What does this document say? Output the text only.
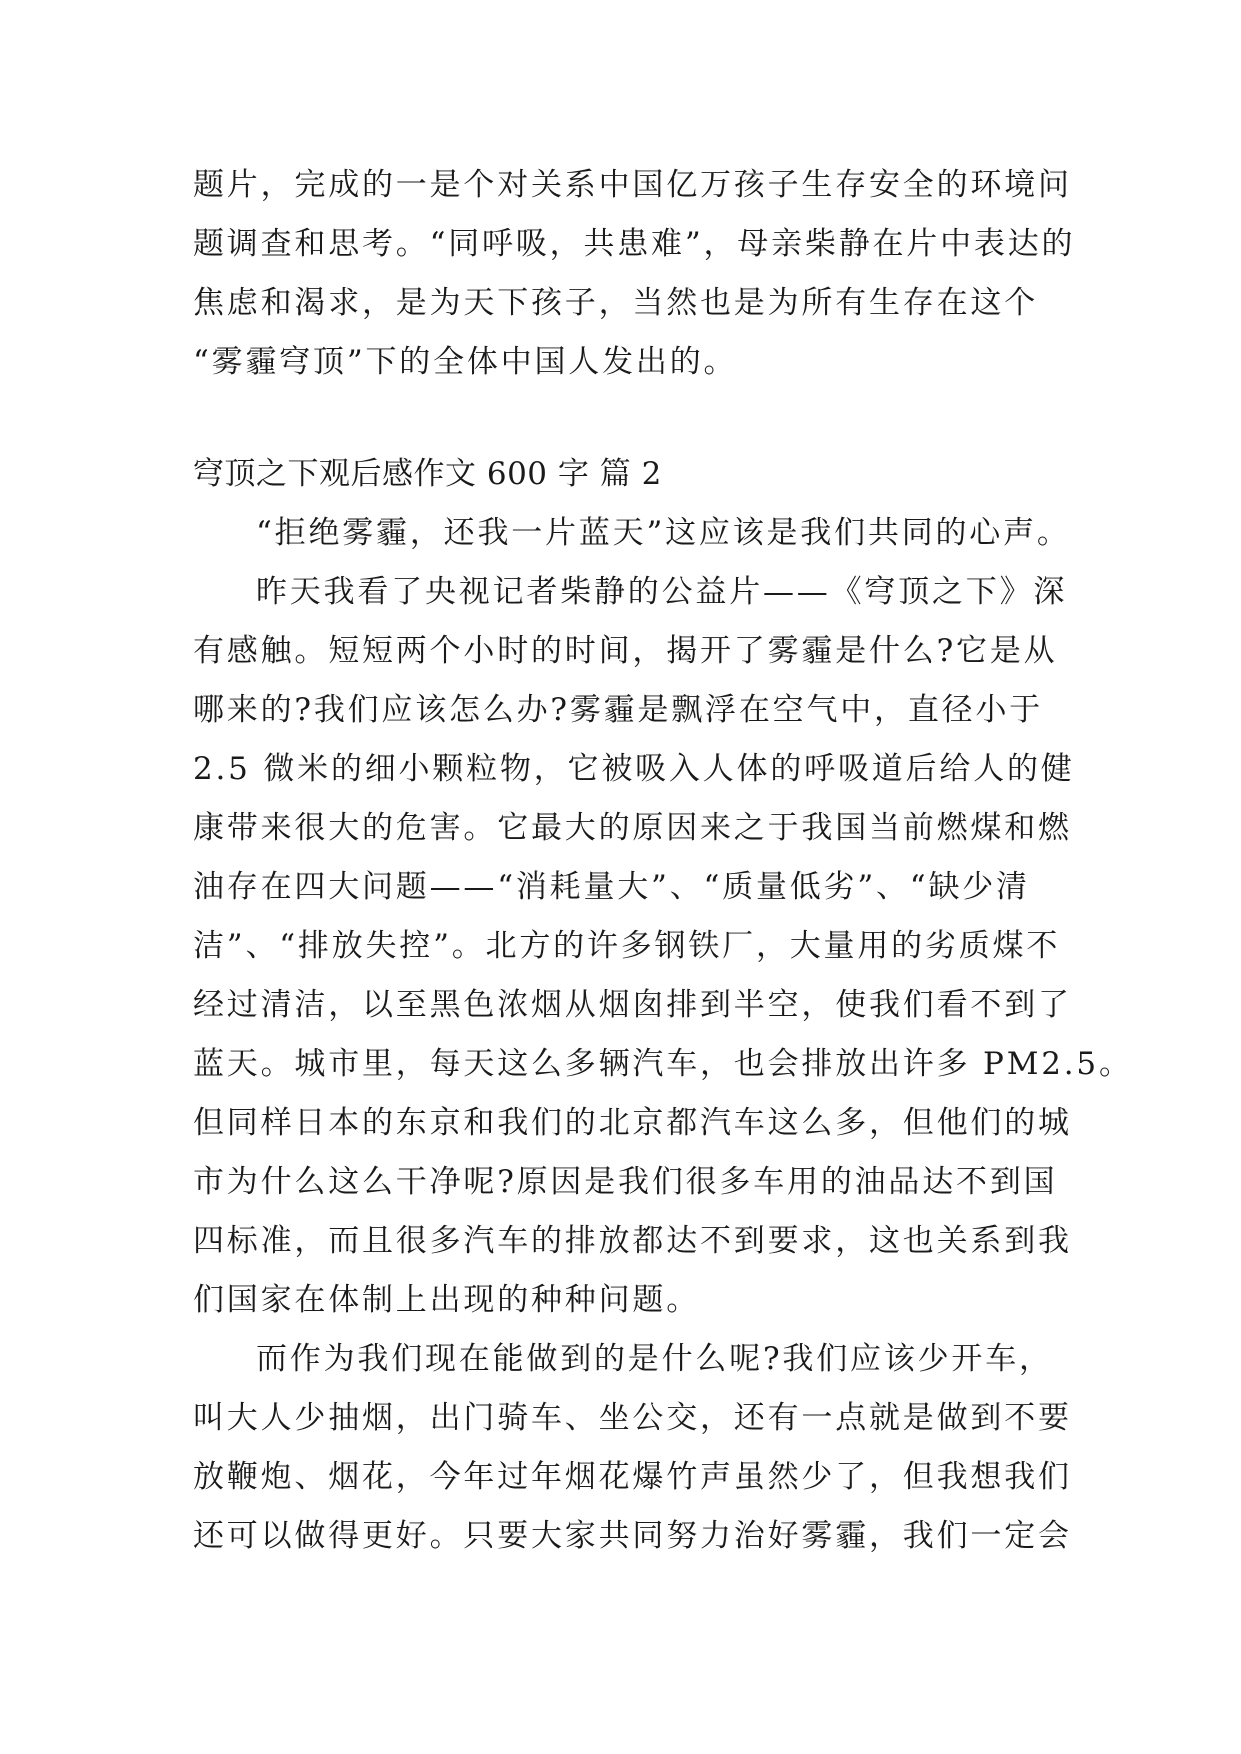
题片，完成的一是个对关系中国亿万孩子生存安全的环境问
题调查和思考。“同呼吸，共患难”，母亲柴静在片中表达的
焦虑和渴求，是为天下孩子，当然也是为所有生存在这个
“雾霾穹顶”下的全体中国人发出的。
穹顶之下观后感作文 600 字 篇 2
“拒绝雾霾，还我一片蓝天”这应该是我们共同的心声。
昨天我看了央视记者柴静的公益片——《穹顶之下》深
有感触。短短两个小时的时间，揭开了雾霾是什么?它是从
哪来的?我们应该怎么办?雾霾是飘浮在空气中，直径小于
2.5 微米的细小颗粒物，它被吸入人体的呼吸道后给人的健
康带来很大的危害。它最大的原因来之于我国当前燃煤和燃
油存在四大问题——“消耗量大”、“质量低劣”、“缺少清
洁”、“排放失控”。北方的许多钢铁厂，大量用的劣质煤不
经过清洁，以至黑色浓烟从烟囱排到半空，使我们看不到了
蓝天。城市里，每天这么多辆汽车，也会排放出许多 PM2.5。
但同样日本的东京和我们的北京都汽车这么多，但他们的城
市为什么这么干净呢?原因是我们很多车用的油品达不到国
四标准，而且很多汽车的排放都达不到要求，这也关系到我
们国家在体制上出现的种种问题。
而作为我们现在能做到的是什么呢?我们应该少开车，
叫大人少抽烟，出门骑车、坐公交，还有一点就是做到不要
放鞭炮、烟花，今年过年烟花爆竹声虽然少了，但我想我们
还可以做得更好。只要大家共同努力治好雾霾，我们一定会
